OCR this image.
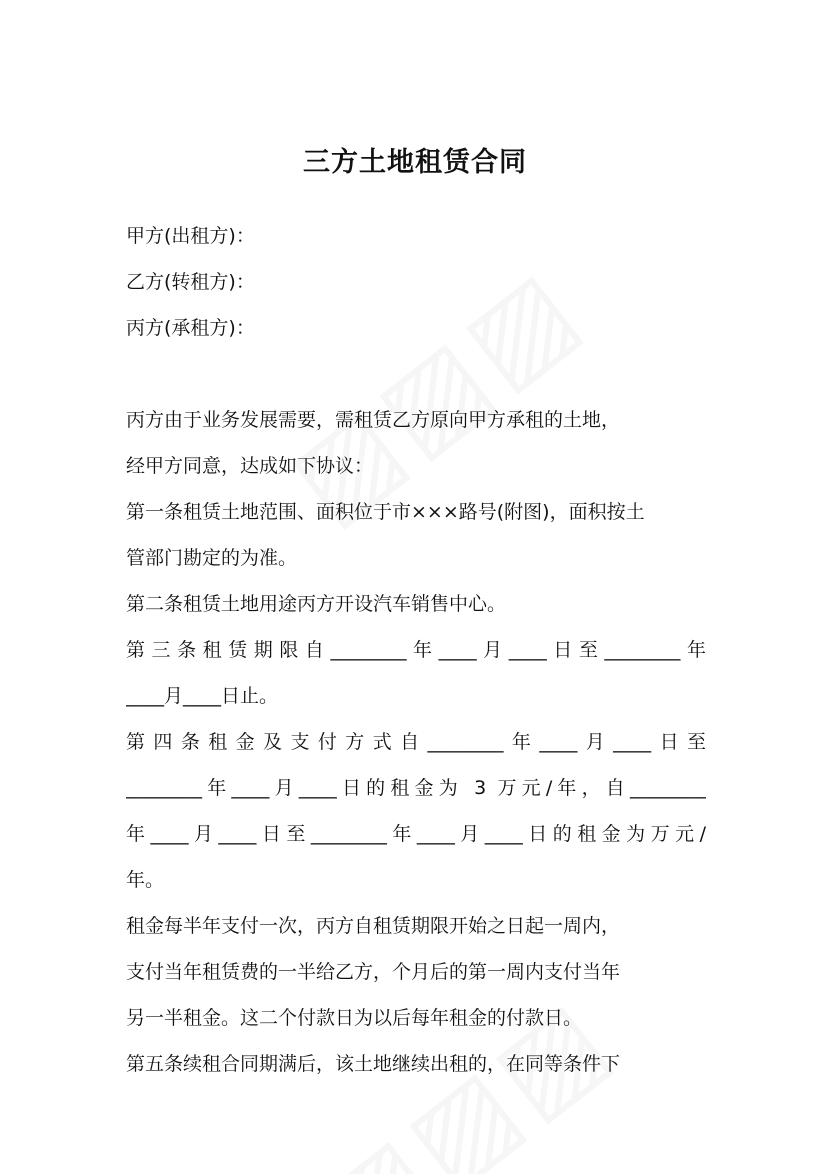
三方土地租赁合同
甲方(出租方)：
乙方(转租方)：
丙方(承租方)：
丙方由于业务发展需要，需租赁乙方原向甲方承租的土地，
经甲方同意，达成如下协议：
第一条租赁土地范围、面积位于市×××路号(附图)，面积按土
管部门勘定的为准。
第二条租赁土地用途丙方开设汽车销售中心。
第三条租赁期限自________年____月____日至________年
____月____日止。
第四条租金及支付方式自________年____月____日至
________年____月____日的租金为 3 万元/年，自________
年____月____日至________年____月____日的租金为万元/
年。
租金每半年支付一次，丙方自租赁期限开始之日起一周内，
支付当年租赁费的一半给乙方，个月后的第一周内支付当年
另一半租金。这二个付款日为以后每年租金的付款日。
第五条续租合同期满后，该土地继续出租的，在同等条件下
